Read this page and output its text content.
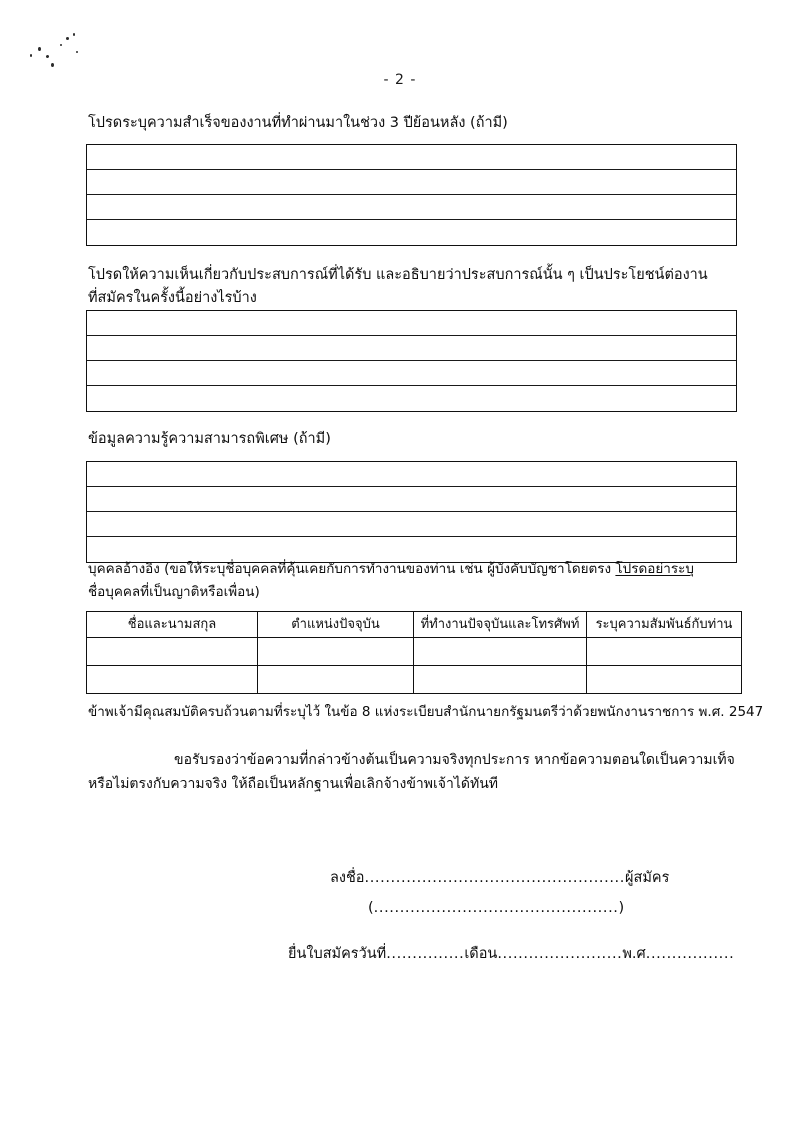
- 2 -
โปรดระบุความสำเร็จของงานที่ทำผ่านมาในช่วง 3 ปีย้อนหลัง (ถ้ามี)
โปรดให้ความเห็นเกี่ยวกับประสบการณ์ที่ได้รับ และอธิบายว่าประสบการณ์นั้น ๆ เป็นประโยชน์ต่องาน
ที่สมัครในครั้งนี้อย่างไรบ้าง
ข้อมูลความรู้ความสามารถพิเศษ (ถ้ามี)
บุคคลอ้างอิง (ขอให้ระบุชื่อบุคคลที่คุ้นเคยกับการทำงานของท่าน เช่น ผู้บังคับบัญชาโดยตรง โปรดอย่าระบุ
ชื่อบุคคลที่เป็นญาติหรือเพื่อน)
ชื่อและนามสกุล	ตำแหน่งปัจจุบัน	ที่ทำงานปัจจุบันและโทรศัพท์	ระบุความสัมพันธ์กับท่าน

ข้าพเจ้ามีคุณสมบัติครบถ้วนตามที่ระบุไว้ ในข้อ 8 แห่งระเบียบสำนักนายกรัฐมนตรีว่าด้วยพนักงานราชการ พ.ศ. 2547
ขอรับรองว่าข้อความที่กล่าวข้างต้นเป็นความจริงทุกประการ หากข้อความตอนใดเป็นความเท็จ
หรือไม่ตรงกับความจริง ให้ถือเป็นหลักฐานเพื่อเลิกจ้างข้าพเจ้าได้ทันที
ลงชื่อ..................................................ผู้สมัคร
(...............................................)
ยื่นใบสมัครวันที่...............เดือน........................พ.ศ.................
